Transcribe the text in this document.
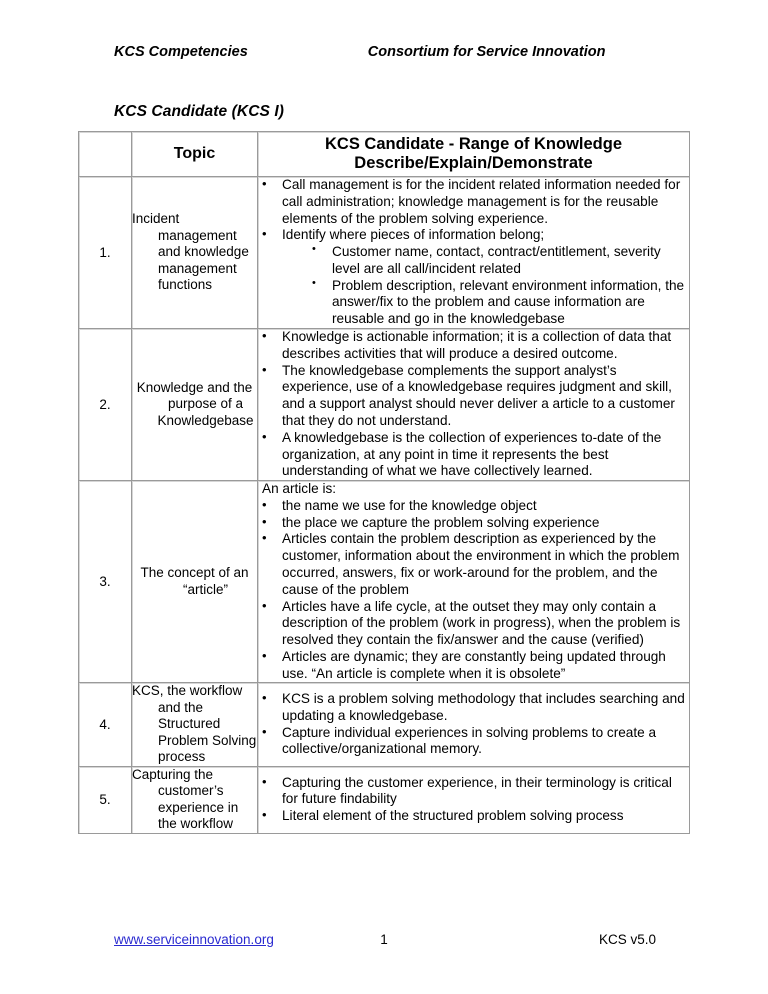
KCS Competencies	Consortium for Service Innovation
KCS Candidate (KCS I)
	Topic	KCS Candidate - Range of Knowledge
Describe/Explain/Demonstrate

1.	
Incident management and knowledge management functions

• Call management is for the incident related information needed for call administration; knowledge management is for the reusable elements of the problem solving experience.
• Identify where pieces of information belong;
• Customer name, contact, contract/entitlement, severity level are all call/incident related
• Problem description, relevant environment information, the answer/fix to the problem and cause information are reusable and go in the knowledgebase

2.	
Knowledge and the purpose of a Knowledgebase

• Knowledge is actionable information; it is a collection of data that describes activities that will produce a desired outcome.
• The knowledgebase complements the support analyst’s experience, use of a knowledgebase requires judgment and skill, and a support analyst should never deliver a article to a customer that they do not understand.
• A knowledgebase is the collection of experiences to-date of the organization, at any point in time it represents the best understanding of what we have collectively learned.

3.	
The concept of an “article”

An article is:
• the name we use for the knowledge object
• the place we capture the problem solving experience
• Articles contain the problem description as experienced by the customer, information about the environment in which the problem occurred, answers, fix or work-around for the problem, and the cause of the problem
• Articles have a life cycle, at the outset they may only contain a description of the problem (work in progress), when the problem is resolved they contain the fix/answer and the cause (verified)
• Articles are dynamic; they are constantly being updated through use. “An article is complete when it is obsolete”

4.	
KCS, the workflow and the Structured Problem Solving process

• KCS is a problem solving methodology that includes searching and updating a knowledgebase.
• Capture individual experiences in solving problems to create a collective/organizational memory.

5.	
Capturing the customer’s experience in the workflow

• Capturing the customer experience, in their terminology is critical for future findability
• Literal element of the structured problem solving process
www.serviceinnovation.org	1	KCS v5.0
